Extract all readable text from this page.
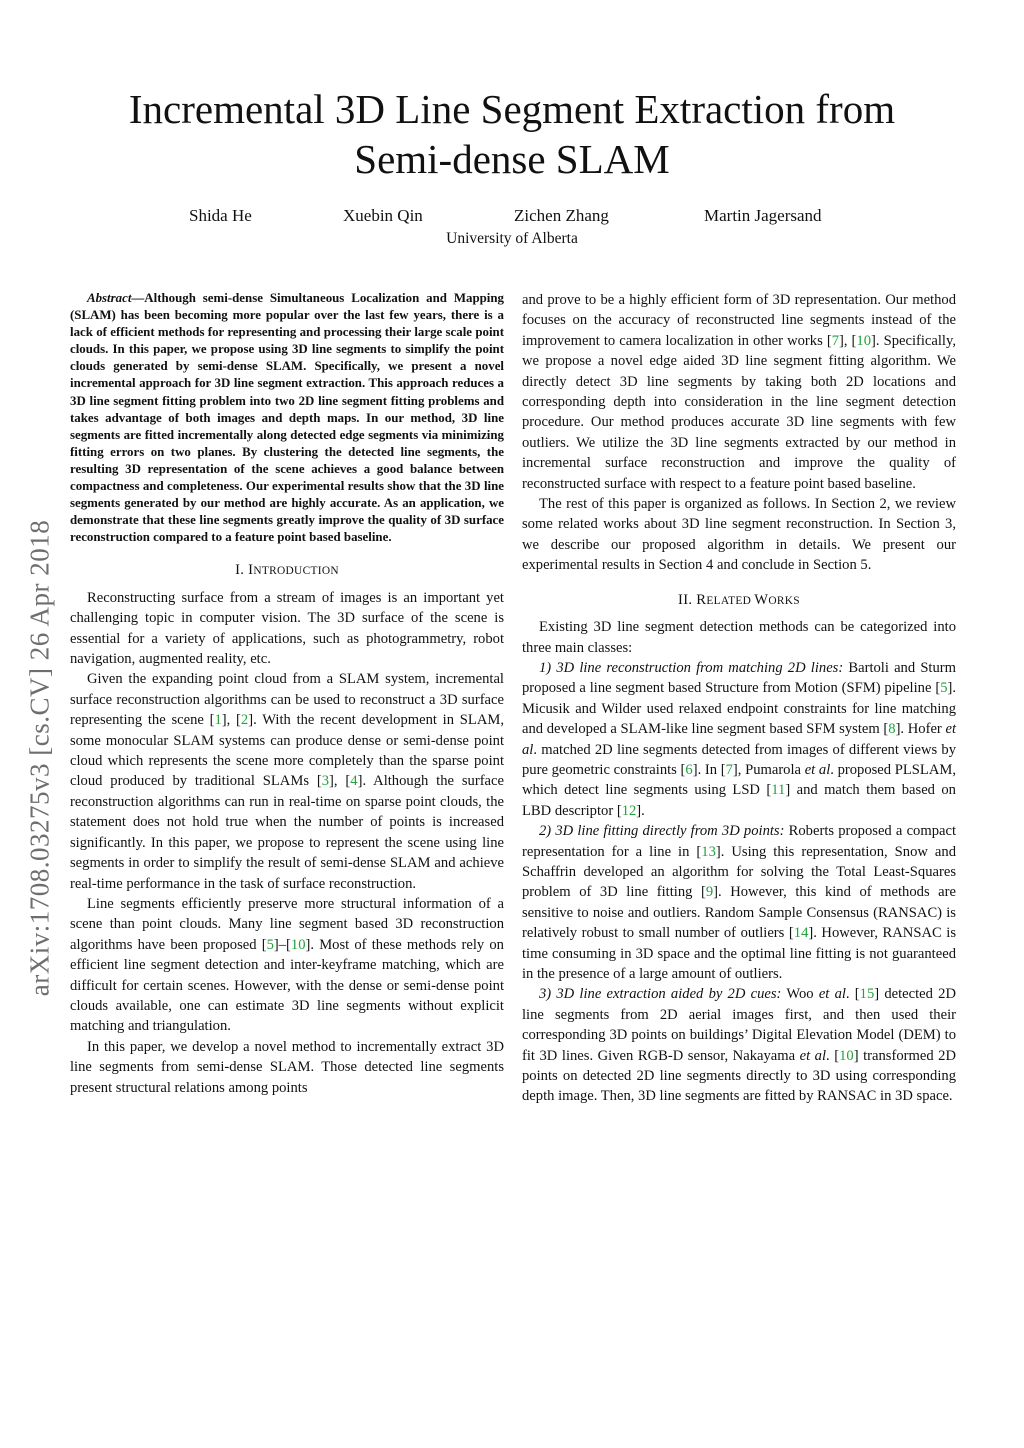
arXiv:1708.03275v3 [cs.CV] 26 Apr 2018
Incremental 3D Line Segment Extraction from
Semi-dense SLAM
Shida He	Xuebin Qin	Zichen Zhang	Martin Jagersand
University of Alberta

Abstract—Although semi-dense Simultaneous Localization and Mapping (SLAM) has been becoming more popular over the last few years, there is a lack of efficient methods for representing and processing their large scale point clouds. In this paper, we propose using 3D line segments to simplify the point clouds generated by semi-dense SLAM. Specifically, we present a novel incremental approach for 3D line segment extraction. This approach reduces a 3D line segment fitting problem into two 2D line segment fitting problems and takes advantage of both images and depth maps. In our method, 3D line segments are fitted incrementally along detected edge segments via minimizing fitting errors on two planes. By clustering the detected line segments, the resulting 3D representation of the scene achieves a good balance between compactness and completeness. Our experimental results show that the 3D line segments generated by our method are highly accurate. As an application, we demonstrate that these line segments greatly improve the quality of 3D surface reconstruction compared to a feature point based baseline.

I. INTRODUCTION

Reconstructing surface from a stream of images is an important yet challenging topic in computer vision. The 3D surface of the scene is essential for a variety of applications, such as photogrammetry, robot navigation, augmented reality, etc.

Given the expanding point cloud from a SLAM system, incremental surface reconstruction algorithms can be used to reconstruct a 3D surface representing the scene [1], [2]. With the recent development in SLAM, some monocular SLAM systems can produce dense or semi-dense point cloud which represents the scene more completely than the sparse point cloud produced by traditional SLAMs [3], [4]. Although the surface reconstruction algorithms can run in real-time on sparse point clouds, the statement does not hold true when the number of points is increased significantly. In this paper, we propose to represent the scene using line segments in order to simplify the result of semi-dense SLAM and achieve real-time performance in the task of surface reconstruction.

Line segments efficiently preserve more structural information of a scene than point clouds. Many line segment based 3D reconstruction algorithms have been proposed [5]–[10]. Most of these methods rely on efficient line segment detection and inter-keyframe matching, which are difficult for certain scenes. However, with the dense or semi-dense point clouds available, one can estimate 3D line segments without explicit matching and triangulation.

In this paper, we develop a novel method to incrementally extract 3D line segments from semi-dense SLAM. Those detected line segments present structural relations among points

and prove to be a highly efficient form of 3D representation. Our method focuses on the accuracy of reconstructed line segments instead of the improvement to camera localization in other works [7], [10]. Specifically, we propose a novel edge aided 3D line segment fitting algorithm. We directly detect 3D line segments by taking both 2D locations and corresponding depth into consideration in the line segment detection procedure. Our method produces accurate 3D line segments with few outliers. We utilize the 3D line segments extracted by our method in incremental surface reconstruction and improve the quality of reconstructed surface with respect to a feature point based baseline.

The rest of this paper is organized as follows. In Section 2, we review some related works about 3D line segment reconstruction. In Section 3, we describe our proposed algorithm in details. We present our experimental results in Section 4 and conclude in Section 5.

II. RELATED WORKS

Existing 3D line segment detection methods can be categorized into three main classes:

1) 3D line reconstruction from matching 2D lines: Bartoli and Sturm proposed a line segment based Structure from Motion (SFM) pipeline [5]. Micusik and Wilder used relaxed endpoint constraints for line matching and developed a SLAM-like line segment based SFM system [8]. Hofer et al. matched 2D line segments detected from images of different views by pure geometric constraints [6]. In [7], Pumarola et al. proposed PLSLAM, which detect line segments using LSD [11] and match them based on LBD descriptor [12].

2) 3D line fitting directly from 3D points: Roberts proposed a compact representation for a line in [13]. Using this representation, Snow and Schaffrin developed an algorithm for solving the Total Least-Squares problem of 3D line fitting [9]. However, this kind of methods are sensitive to noise and outliers. Random Sample Consensus (RANSAC) is relatively robust to small number of outliers [14]. However, RANSAC is time consuming in 3D space and the optimal line fitting is not guaranteed in the presence of a large amount of outliers.

3) 3D line extraction aided by 2D cues: Woo et al. [15] detected 2D line segments from 2D aerial images first, and then used their corresponding 3D points on buildings’ Digital Elevation Model (DEM) to fit 3D lines. Given RGB-D sensor, Nakayama et al. [10] transformed 2D points on detected 2D line segments directly to 3D using corresponding depth image. Then, 3D line segments are fitted by RANSAC in 3D space.
